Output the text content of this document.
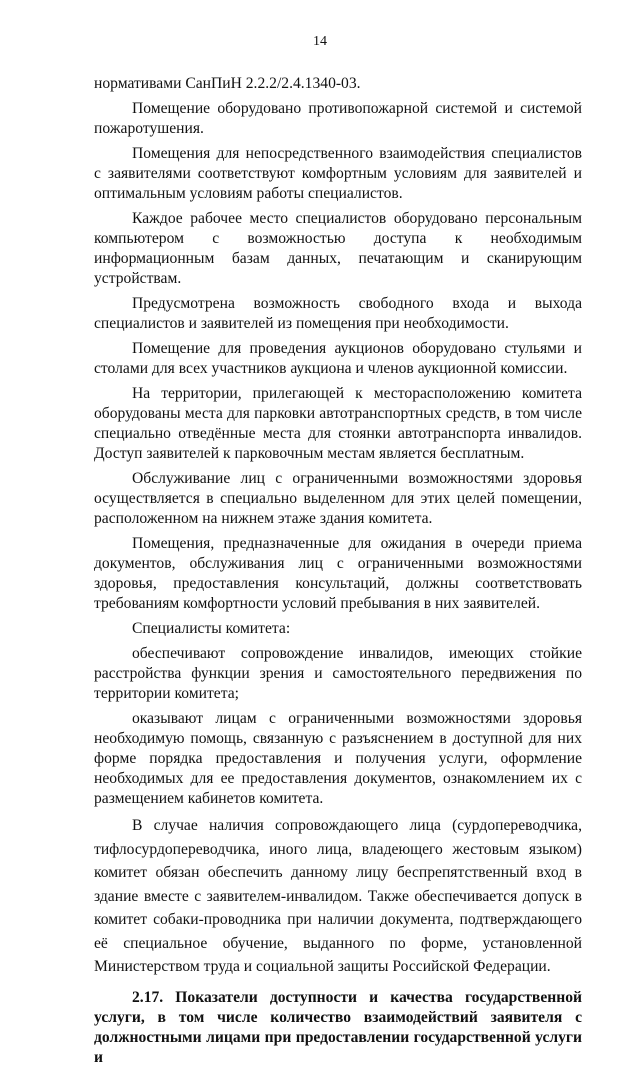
14

нормативами СанПиН 2.2.2/2.4.1340-03.

Помещение оборудовано противопожарной системой и системой пожаротушения.

Помещения для непосредственного взаимодействия специалистов с заявителями соответствуют комфортным условиям для заявителей и оптимальным условиям работы специалистов.

Каждое рабочее место специалистов оборудовано персональным компьютером с возможностью доступа к необходимым информационным базам данных, печатающим и сканирующим устройствам.

Предусмотрена возможность свободного входа и выхода специалистов и заявителей из помещения при необходимости.

Помещение для проведения аукционов оборудовано стульями и столами для всех участников аукциона и членов аукционной комиссии.

На территории, прилегающей к месторасположению комитета оборудованы места для парковки автотранспортных средств, в том числе специально отведённые места для стоянки автотранспорта инвалидов. Доступ заявителей к парковочным местам является бесплатным.

Обслуживание лиц с ограниченными возможностями здоровья осуществляется в специально выделенном для этих целей помещении, расположенном на нижнем этаже здания комитета.

Помещения, предназначенные для ожидания в очереди приема документов, обслуживания лиц с ограниченными возможностями здоровья, предоставления консультаций, должны соответствовать требованиям комфортности условий пребывания в них заявителей.

Специалисты комитета:

обеспечивают сопровождение инвалидов, имеющих стойкие расстройства функции зрения и самостоятельного передвижения по территории комитета;

оказывают лицам с ограниченными возможностями здоровья необходимую помощь, связанную с разъяснением в доступной для них форме порядка предоставления и получения услуги, оформление необходимых для ее предоставления документов, ознакомлением их с размещением кабинетов комитета.

В случае наличия сопровождающего лица (сурдопереводчика, тифлосурдопереводчика, иного лица, владеющего жестовым языком) комитет обязан обеспечить данному лицу беспрепятственный вход в здание вместе с заявителем-инвалидом. Также обеспечивается допуск в комитет собаки-проводника при наличии документа, подтверждающего её специальное обучение, выданного по форме, установленной Министерством труда и социальной защиты Российской Федерации.

2.17. Показатели доступности и качества государственной услуги, в том числе количество взаимодействий заявителя с должностными лицами при предоставлении государственной услуги и
